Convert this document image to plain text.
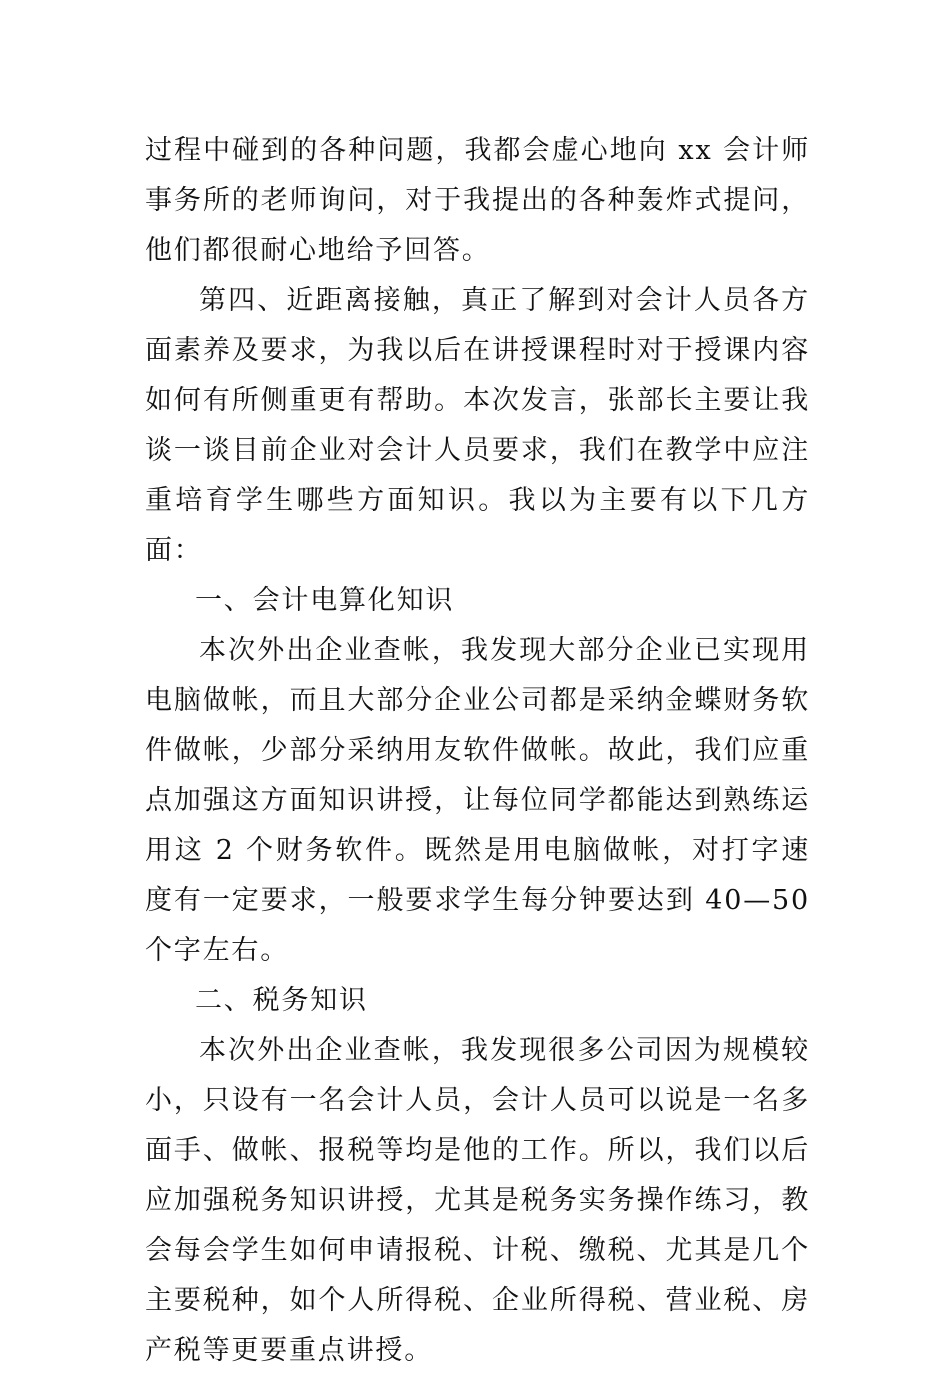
过程中碰到的各种问题，我都会虚心地向 xx 会计师事务所的老师询问，对于我提出的各种轰炸式提问，他们都很耐心地给予回答。

第四、近距离接触，真正了解到对会计人员各方面素养及要求，为我以后在讲授课程时对于授课内容如何有所侧重更有帮助。本次发言，张部长主要让我谈一谈目前企业对会计人员要求，我们在教学中应注重培育学生哪些方面知识。我以为主要有以下几方面：

一、会计电算化知识

本次外出企业查帐，我发现大部分企业已实现用电脑做帐，而且大部分企业公司都是采纳金蝶财务软件做帐，少部分采纳用友软件做帐。故此，我们应重点加强这方面知识讲授，让每位同学都能达到熟练运用这 2 个财务软件。既然是用电脑做帐，对打字速度有一定要求，一般要求学生每分钟要达到 40—50 个字左右。

二、税务知识

本次外出企业查帐，我发现很多公司因为规模较小，只设有一名会计人员，会计人员可以说是一名多面手、做帐、报税等均是他的工作。所以，我们以后应加强税务知识讲授，尤其是税务实务操作练习，教会每会学生如何申请报税、计税、缴税、尤其是几个主要税种，如个人所得税、企业所得税、营业税、房产税等更要重点讲授。
